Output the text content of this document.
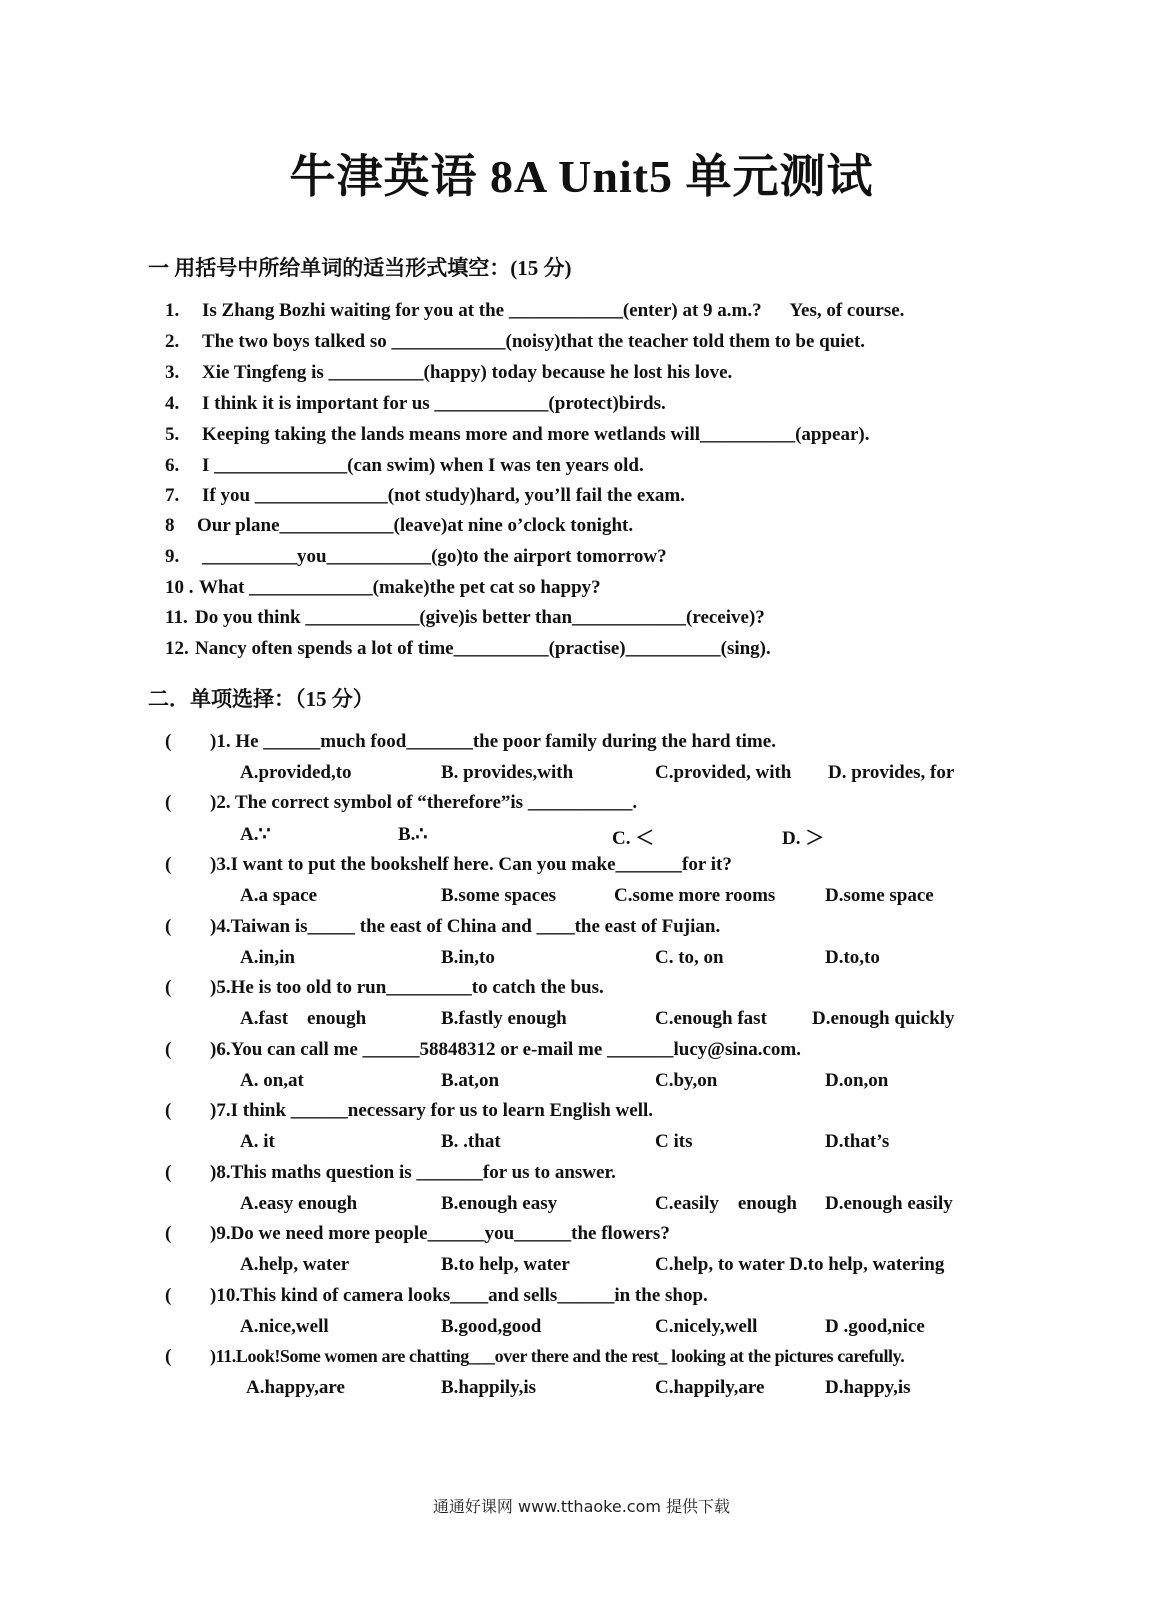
牛津英语 8A Unit5 单元测试
一 用括号中所给单词的适当形式填空：(15 分)
1. Is Zhang Bozhi waiting for you at the ____________(enter) at 9 a.m.?      Yes, of course.
2. The two boys talked so ____________(noisy)that the teacher told them to be quiet.
3. Xie Tingfeng is __________(happy) today because he lost his love.
4. I think it is important for us ____________(protect)birds.
5. Keeping taking the lands means more and more wetlands will__________(appear).
6. I ______________(can swim) when I was ten years old.
7. If you ______________(not study)hard, you’ll fail the exam.
8 Our plane____________(leave)at nine o’clock tonight.
9. __________you___________(go)to the airport tomorrow?
10 . What _____________(make)the pet cat so happy?
11. Do you think ____________(give)is better than____________(receive)?
12. Nancy often spends a lot of time__________(practise)__________(sing).
二．单项选择：（15 分）
( )1. He ______much food_______the poor family during the hard time.
A.provided,to	B. provides,with	C.provided, with D. provides, for
( )2. The correct symbol of “therefore”is ___________.
A.∵	B.∴	C. ＜	D. ＞
( )3.I want to put the bookshelf here. Can you make_______for it?
A.a space	B.some spaces	C.some more rooms	D.some space
( )4.Taiwan is_____ the east of China and ____the east of Fujian.
A.in,in	B.in,to	C. to, on	D.to,to
( )5.He is too old to run_________to catch the bus.
A.fast    enough	B.fastly enough	C.enough fast D.enough quickly
( )6.You can call me ______58848312 or e-mail me _______lucy@sina.com.
A. on,at	B.at,on	C.by,on	D.on,on
( )7.I think ______necessary for us to learn English well.
A. it	B. .that	C its	D.that’s
( )8.This maths question is _______for us to answer.
A.easy enough	B.enough easy	C.easily    enough D.enough easily
( )9.Do we need more people______you______the flowers?
A.help, water	B.to help, water	C.help, to water D.to help, watering
( )10.This kind of camera looks____and sells______in the shop.
A.nice,well	B.good,good	C.nicely,well	D .good,nice
( )11.Look!Some women are chatting___over there and the rest_ looking at the pictures carefully.
A.happy,are	B.happily,is	C.happily,are	D.happy,is
通通好课网 www.tthaoke.com 提供下载
